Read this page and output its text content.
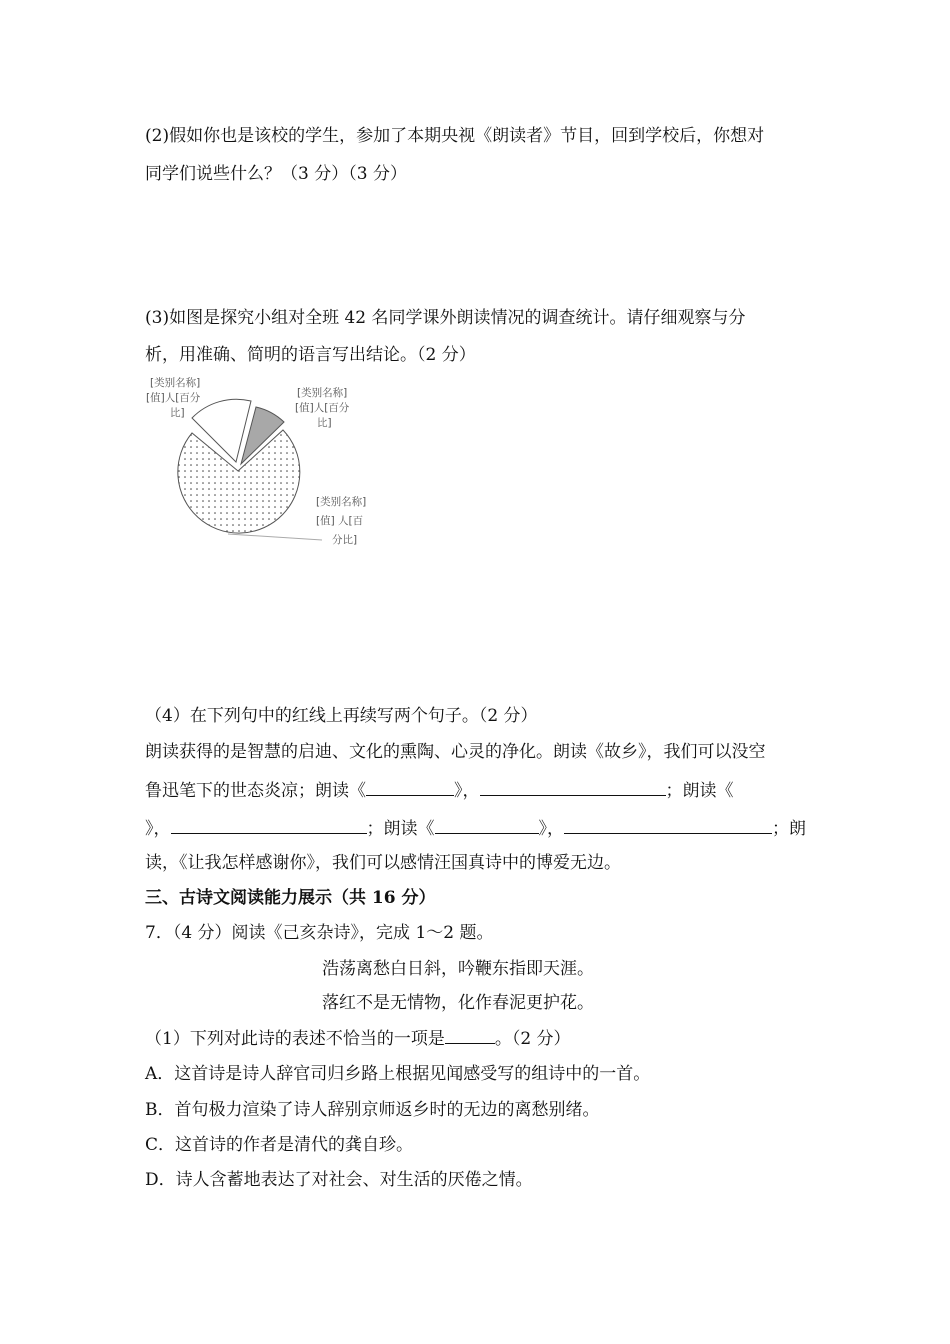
(2)假如你也是该校的学生，参加了本期央视《朗读者》节目，回到学校后，你想对
同学们说些什么？（3 分）（3 分）
(3)如图是探究小组对全班 42 名同学课外朗读情况的调查统计。请仔细观察与分
析，用准确、简明的语言写出结论。（2 分）
[类别名称]
[值]人[百分
比]
[类别名称]
[值]人[百分
比]
[类别名称]
[值] 人[百
分比]
（4）在下列句中的红线上再续写两个句子。（2 分）
朗读获得的是智慧的启迪、文化的熏陶、心灵的净化。朗读《故乡》，我们可以没空
鲁迅笔下的世态炎凉；朗读《	》，	；朗读《
》，	；朗读《	》，	；朗
读，《让我怎样感谢你》，我们可以感情汪国真诗中的博爱无边。
三、古诗文阅读能力展示（共 16 分）
7．（4 分）阅读《己亥杂诗》，完成 1～2 题。
浩荡离愁白日斜，吟鞭东指即天涯。
落红不是无情物，化作春泥更护花。
（1）下列对此诗的表述不恰当的一项是	。（2 分）
A．这首诗是诗人辞官司归乡路上根据见闻感受写的组诗中的一首。
B．首句极力渲染了诗人辞别京师返乡时的无边的离愁别绪。
C．这首诗的作者是清代的龚自珍。
D．诗人含蓄地表达了对社会、对生活的厌倦之情。
